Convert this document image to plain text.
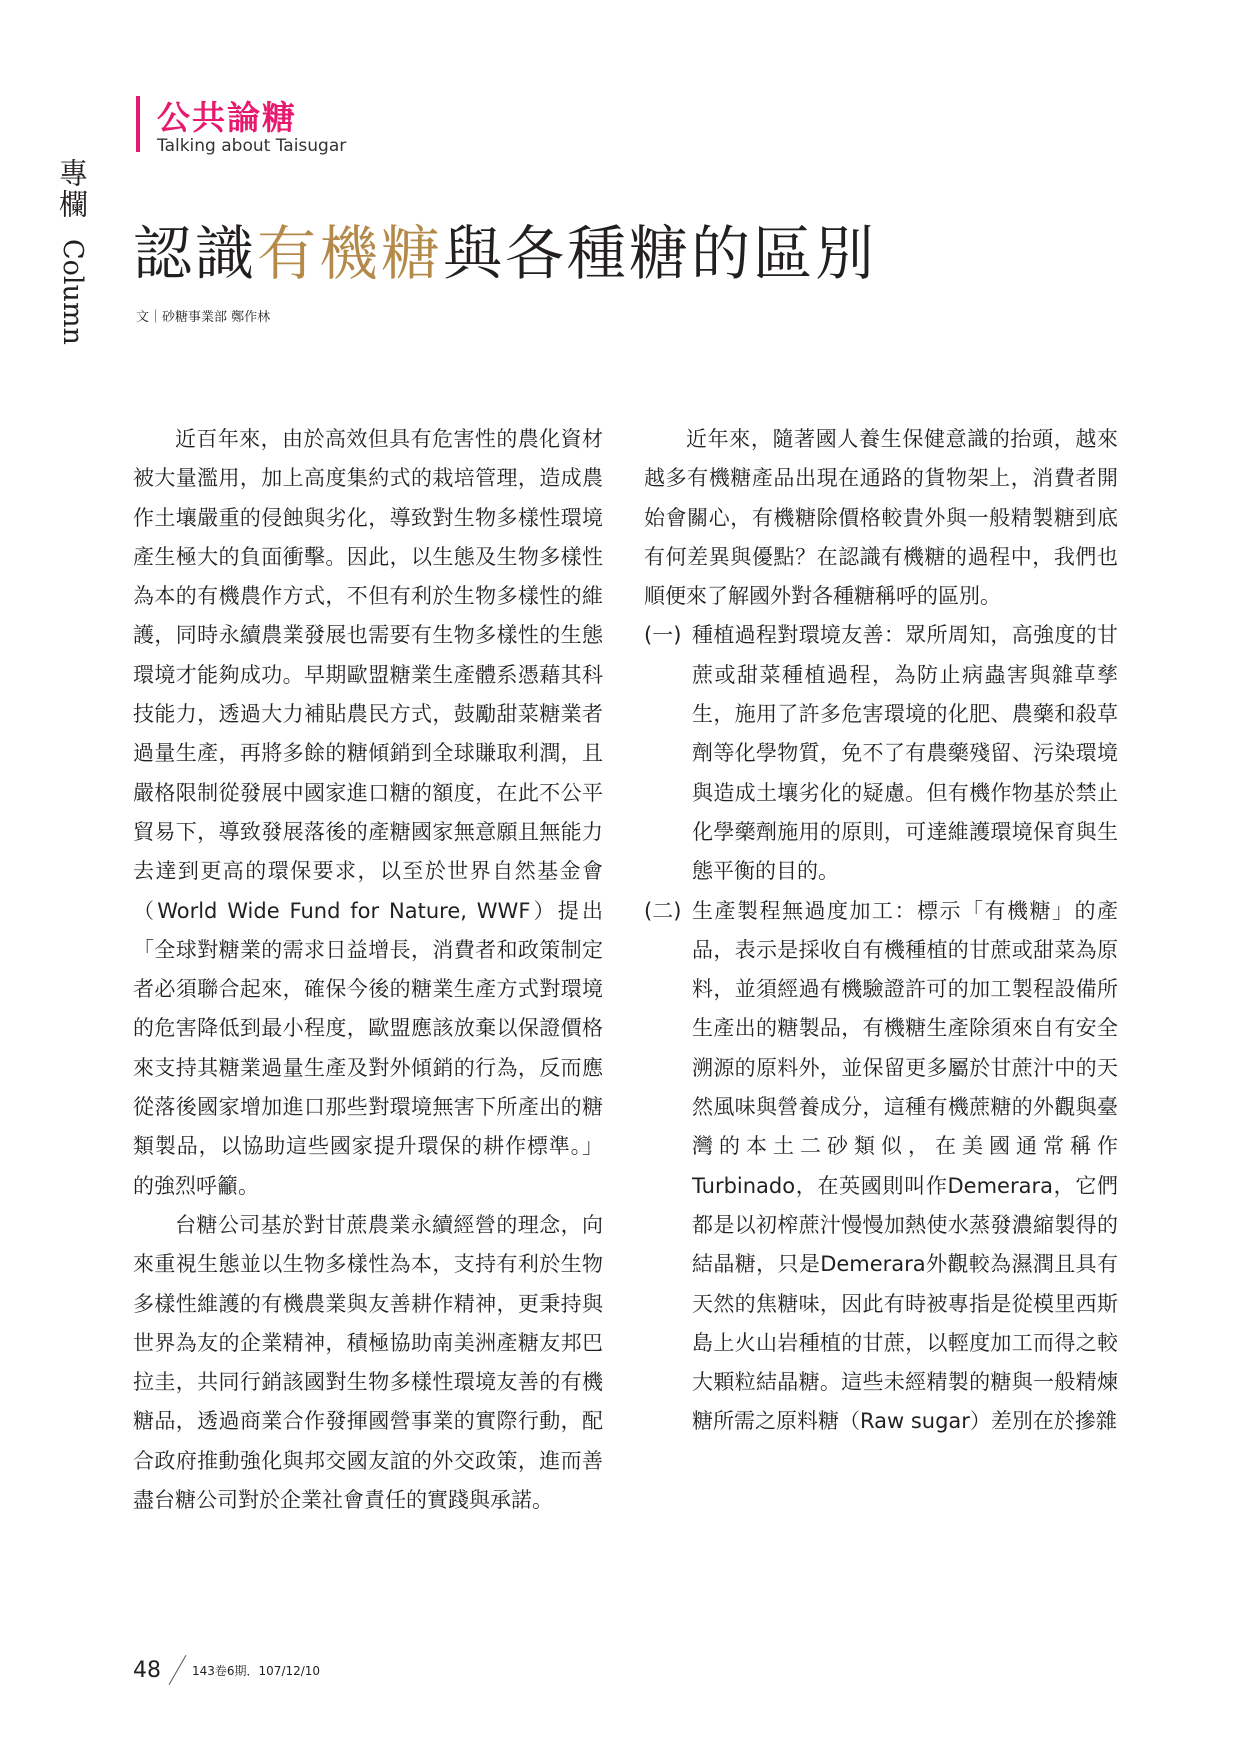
專欄 Column
公共論糖
Talking about Taisugar
認識有機糖與各種糖的區別
文｜砂糖事業部 鄭作林

近百年來，由於高效但具有危害性的農化資材被大量濫用，加上高度集約式的栽培管理，造成農作土壤嚴重的侵蝕與劣化，導致對生物多樣性環境產生極大的負面衝擊。因此，以生態及生物多樣性為本的有機農作方式，不但有利於生物多樣性的維護，同時永續農業發展也需要有生物多樣性的生態環境才能夠成功。早期歐盟糖業生產體系憑藉其科技能力，透過大力補貼農民方式，鼓勵甜菜糖業者過量生產，再將多餘的糖傾銷到全球賺取利潤，且嚴格限制從發展中國家進口糖的額度，在此不公平貿易下，導致發展落後的產糖國家無意願且無能力去達到更高的環保要求，以至於世界自然基金會（World Wide Fund for Nature, WWF）提出「全球對糖業的需求日益增長，消費者和政策制定者必須聯合起來，確保今後的糖業生產方式對環境的危害降低到最小程度，歐盟應該放棄以保證價格來支持其糖業過量生產及對外傾銷的行為，反而應從落後國家增加進口那些對環境無害下所產出的糖類製品，以協助這些國家提升環保的耕作標準。」的強烈呼籲。

台糖公司基於對甘蔗農業永續經營的理念，向來重視生態並以生物多樣性為本，支持有利於生物多樣性維護的有機農業與友善耕作精神，更秉持與世界為友的企業精神，積極協助南美洲產糖友邦巴拉圭，共同行銷該國對生物多樣性環境友善的有機糖品，透過商業合作發揮國營事業的實際行動，配合政府推動強化與邦交國友誼的外交政策，進而善盡台糖公司對於企業社會責任的實踐與承諾。

近年來，隨著國人養生保健意識的抬頭，越來越多有機糖產品出現在通路的貨物架上，消費者開始會關心，有機糖除價格較貴外與一般精製糖到底有何差異與優點？在認識有機糖的過程中，我們也順便來了解國外對各種糖稱呼的區別。

(一) 種植過程對環境友善：眾所周知，高強度的甘蔗或甜菜種植過程，為防止病蟲害與雜草孳生，施用了許多危害環境的化肥、農藥和殺草劑等化學物質，免不了有農藥殘留、污染環境與造成土壤劣化的疑慮。但有機作物基於禁止化學藥劑施用的原則，可達維護環境保育與生態平衡的目的。
(二) 生產製程無過度加工：標示「有機糖」的產品，表示是採收自有機種植的甘蔗或甜菜為原料，並須經過有機驗證許可的加工製程設備所生產出的糖製品，有機糖生產除須來自有安全溯源的原料外，並保留更多屬於甘蔗汁中的天然風味與營養成分，這種有機蔗糖的外觀與臺灣的本土二砂類似，在美國通常稱作Turbinado，在英國則叫作Demerara，它們都是以初榨蔗汁慢慢加熱使水蒸發濃縮製得的結晶糖，只是Demerara外觀較為濕潤且具有天然的焦糖味，因此有時被專指是從模里西斯島上火山岩種植的甘蔗，以輕度加工而得之較大顆粒結晶糖。這些未經精製的糖與一般精煉糖所需之原料糖（Raw sugar）差別在於摻雜
48	143卷6期．107/12/10
